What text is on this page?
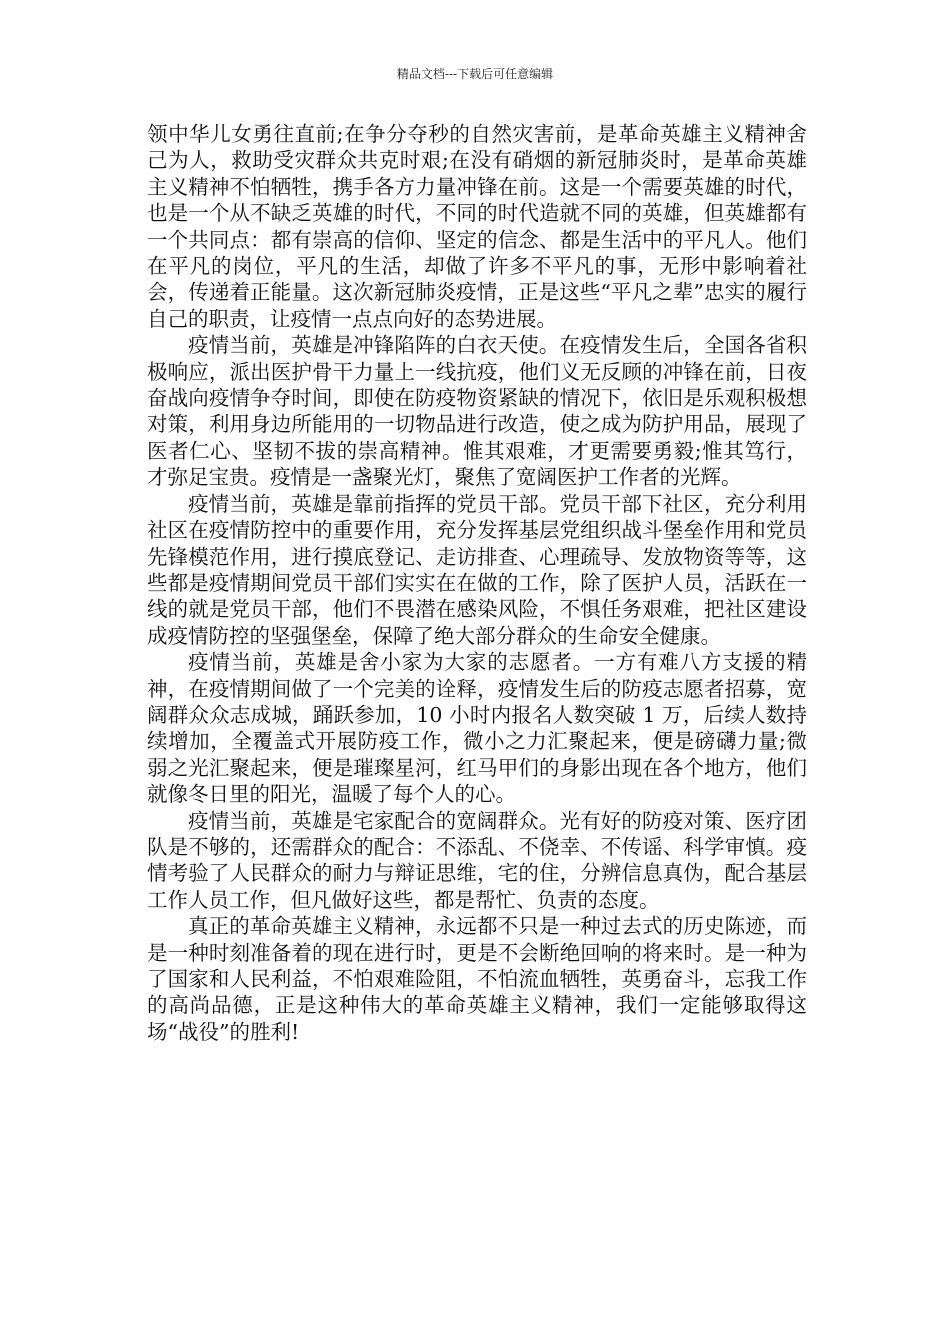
精品文档---下载后可任意编辑

领中华儿女勇往直前;在争分夺秒的自然灾害前，是革命英雄主义精神舍己为人，救助受灾群众共克时艰;在没有硝烟的新冠肺炎时，是革命英雄主义精神不怕牺牲，携手各方力量冲锋在前。这是一个需要英雄的时代，也是一个从不缺乏英雄的时代，不同的时代造就不同的英雄，但英雄都有一个共同点：都有崇高的信仰、坚定的信念、都是生活中的平凡人。他们在平凡的岗位，平凡的生活，却做了许多不平凡的事，无形中影响着社会，传递着正能量。这次新冠肺炎疫情，正是这些“平凡之辈”忠实的履行自己的职责，让疫情一点点向好的态势进展。

疫情当前，英雄是冲锋陷阵的白衣天使。在疫情发生后，全国各省积极响应，派出医护骨干力量上一线抗疫，他们义无反顾的冲锋在前，日夜奋战向疫情争夺时间，即使在防疫物资紧缺的情况下，依旧是乐观积极想对策，利用身边所能用的一切物品进行改造，使之成为防护用品，展现了医者仁心、坚韧不拔的崇高精神。惟其艰难，才更需要勇毅;惟其笃行，才弥足宝贵。疫情是一盏聚光灯，聚焦了宽阔医护工作者的光辉。

疫情当前，英雄是靠前指挥的党员干部。党员干部下社区，充分利用社区在疫情防控中的重要作用，充分发挥基层党组织战斗堡垒作用和党员先锋模范作用，进行摸底登记、走访排查、心理疏导、发放物资等等，这些都是疫情期间党员干部们实实在在做的工作，除了医护人员，活跃在一线的就是党员干部，他们不畏潜在感染风险，不惧任务艰难，把社区建设成疫情防控的坚强堡垒，保障了绝大部分群众的生命安全健康。

疫情当前，英雄是舍小家为大家的志愿者。一方有难八方支援的精神，在疫情期间做了一个完美的诠释，疫情发生后的防疫志愿者招募，宽阔群众众志成城，踊跃参加，10 小时内报名人数突破 1 万，后续人数持续增加，全覆盖式开展防疫工作，微小之力汇聚起来，便是磅礴力量;微弱之光汇聚起来，便是璀璨星河，红马甲们的身影出现在各个地方，他们就像冬日里的阳光，温暖了每个人的心。

疫情当前，英雄是宅家配合的宽阔群众。光有好的防疫对策、医疗团队是不够的，还需群众的配合：不添乱、不侥幸、不传谣、科学审慎。疫情考验了人民群众的耐力与辩证思维，宅的住，分辨信息真伪，配合基层工作人员工作，但凡做好这些，都是帮忙、负责的态度。

真正的革命英雄主义精神，永远都不只是一种过去式的历史陈迹，而是一种时刻准备着的现在进行时，更是不会断绝回响的将来时。是一种为了国家和人民利益，不怕艰难险阻，不怕流血牺牲，英勇奋斗，忘我工作的高尚品德，正是这种伟大的革命英雄主义精神，我们一定能够取得这场“战役”的胜利!
